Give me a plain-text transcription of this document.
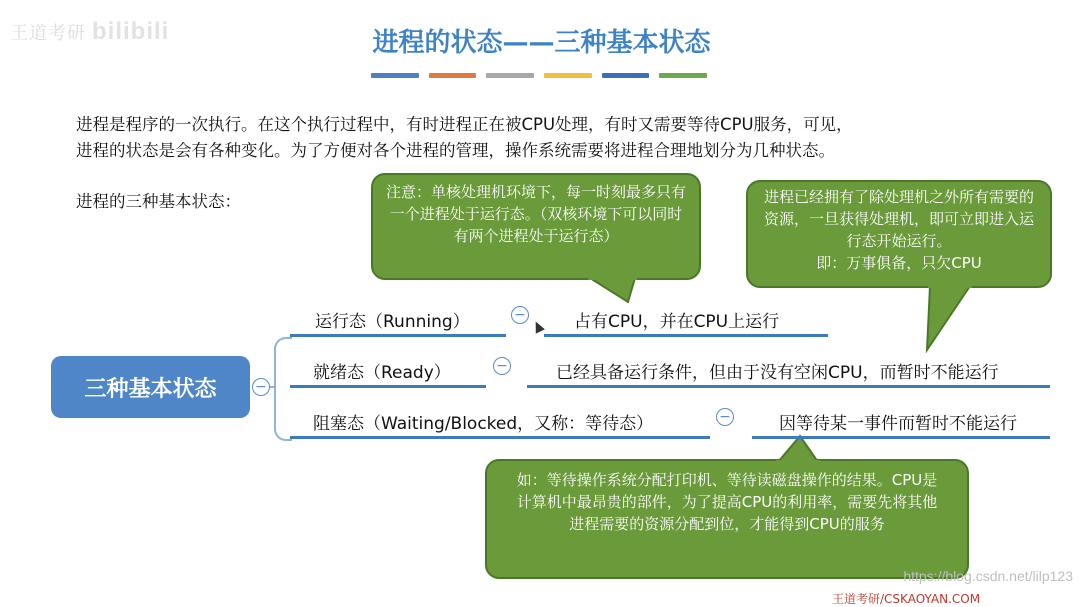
王道考研 bilibili	进程的状态——三种基本状态
进程是程序的一次执行。在这个执行过程中，有时进程正在被CPU处理，有时又需要等待CPU服务，可见，
进程的状态是会有各种变化。为了方便对各个进程的管理，操作系统需要将进程合理地划分为几种状态。
进程的三种基本状态：	注意：单核处理机环境下，每一时刻最多只有一个进程处于运行态。（双核环境下可以同时有两个进程处于运行态）
进程已经拥有了除处理机之外所有需要的资源，一旦获得处理机，即可立即进入运行态开始运行。
即：万事俱备，只欠CPU
如：等待操作系统分配打印机、等待读磁盘操作的结果。CPU是计算机中最昂贵的部件，为了提高CPU的利用率，需要先将其他进程需要的资源分配到位，才能得到CPU的服务
三种基本状态	−
运行态（Running）	−	占有CPU，并在CPU上运行
就绪态（Ready）	−	已经具备运行条件，但由于没有空闲CPU，而暂时不能运行
阻塞态（Waiting/Blocked，又称：等待态）	−	因等待某一事件而暂时不能运行
https://blog.csdn.net/lilp123
王道考研/CSKAOYAN.COM
